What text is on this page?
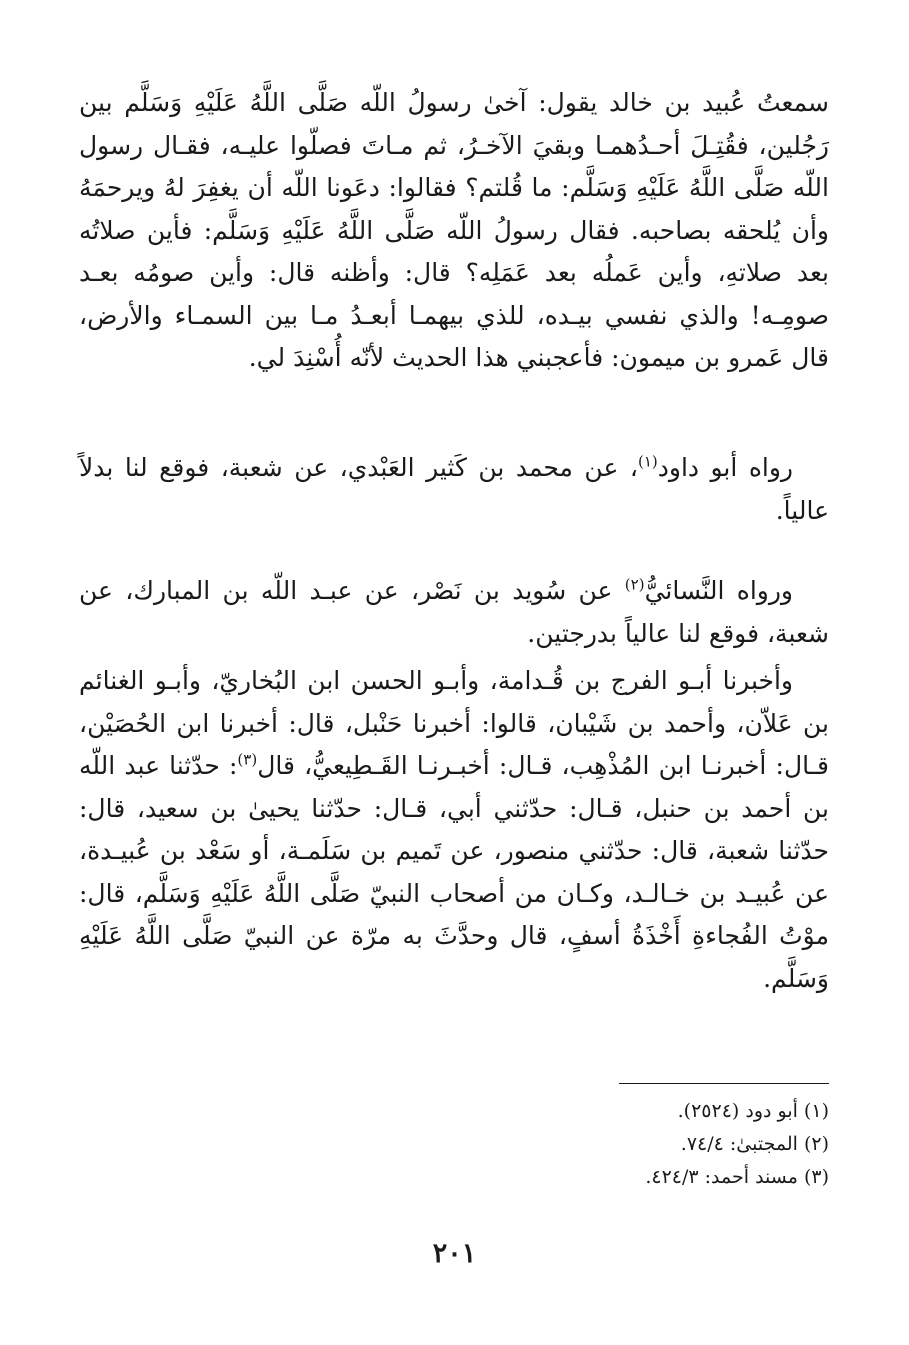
سمعتُ عُبيد بن خالد يقول: آخىٰ رسولُ اللّه صَلَّى اللَّهُ عَلَيْهِ وَسَلَّم بين رَجُلين، فقُتِـلَ أحـدُهمـا وبقيَ الآخـرُ، ثم مـاتَ فصلّوا عليـه، فقـال رسول اللّه صَلَّى اللَّهُ عَلَيْهِ وَسَلَّم: ما قُلتم؟ فقالوا: دعَونا اللّه أن يغفِرَ لهُ ويرحمَهُ وأن يُلحقه بصاحبه. فقال رسولُ اللّه صَلَّى اللَّهُ عَلَيْهِ وَسَلَّم: فأين صلاتُه بعد صلاتهِ، وأين عَملُه بعد عَمَلِه؟ قال: وأظنه قال: وأين صومُه بعـد صومِـه! والذي نفسي بيـده، للذي بيهمـا أبعـدُ مـا بين السمـاء والأرض، قال عَمرو بن ميمون: فأعجبني هذا الحديث لأنّه أُسْنِدَ لي.

رواه أبو داود$^{(١)}$، عن محمد بن كَثير العَبْدي، عن شعبة، فوقع لنا بدلاً عالياً.

ورواه النَّسائيُّ$^{(٢)}$ عن سُويد بن نَصْر، عن عبـد اللّه بن المبارك، عن شعبة، فوقع لنا عالياً بدرجتين.

وأخبرنا أبـو الفرج بن قُـدامة، وأبـو الحسن ابن البُخاريّ، وأبـو الغنائم بن عَلاّن، وأحمد بن شَيْبان، قالوا: أخبرنا حَنْبل، قال: أخبرنا ابن الحُصَيْن، قـال: أخبرنـا ابن المُذْهِب، قـال: أخبـرنـا القَـطِيعيُّ، قال$^{(٣)}$: حدّثنا عبد اللّه بن أحمد بن حنبل، قـال: حدّثني أبي، قـال: حدّثنا يحيىٰ بن سعيد، قال: حدّثنا شعبة، قال: حدّثني منصور، عن تَميم بن سَلَمـة، أو سَعْد بن عُبيـدة، عن عُبيـد بن خـالـد، وكـان من أصحاب النبيّ صَلَّى اللَّهُ عَلَيْهِ وَسَلَّم، قال: موْتُ الفُجاءةِ أَخْذَةُ أسفٍ، قال وحدَّثَ به مرّة عن النبيّ صَلَّى اللَّهُ عَلَيْهِ وَسَلَّم.

(١) أبو دود (٢٥٢٤).
(٢) المجتبىٰ: ٧٤/٤.
(٣) مسند أحمد: ٤٢٤/٣.
٢٠١
